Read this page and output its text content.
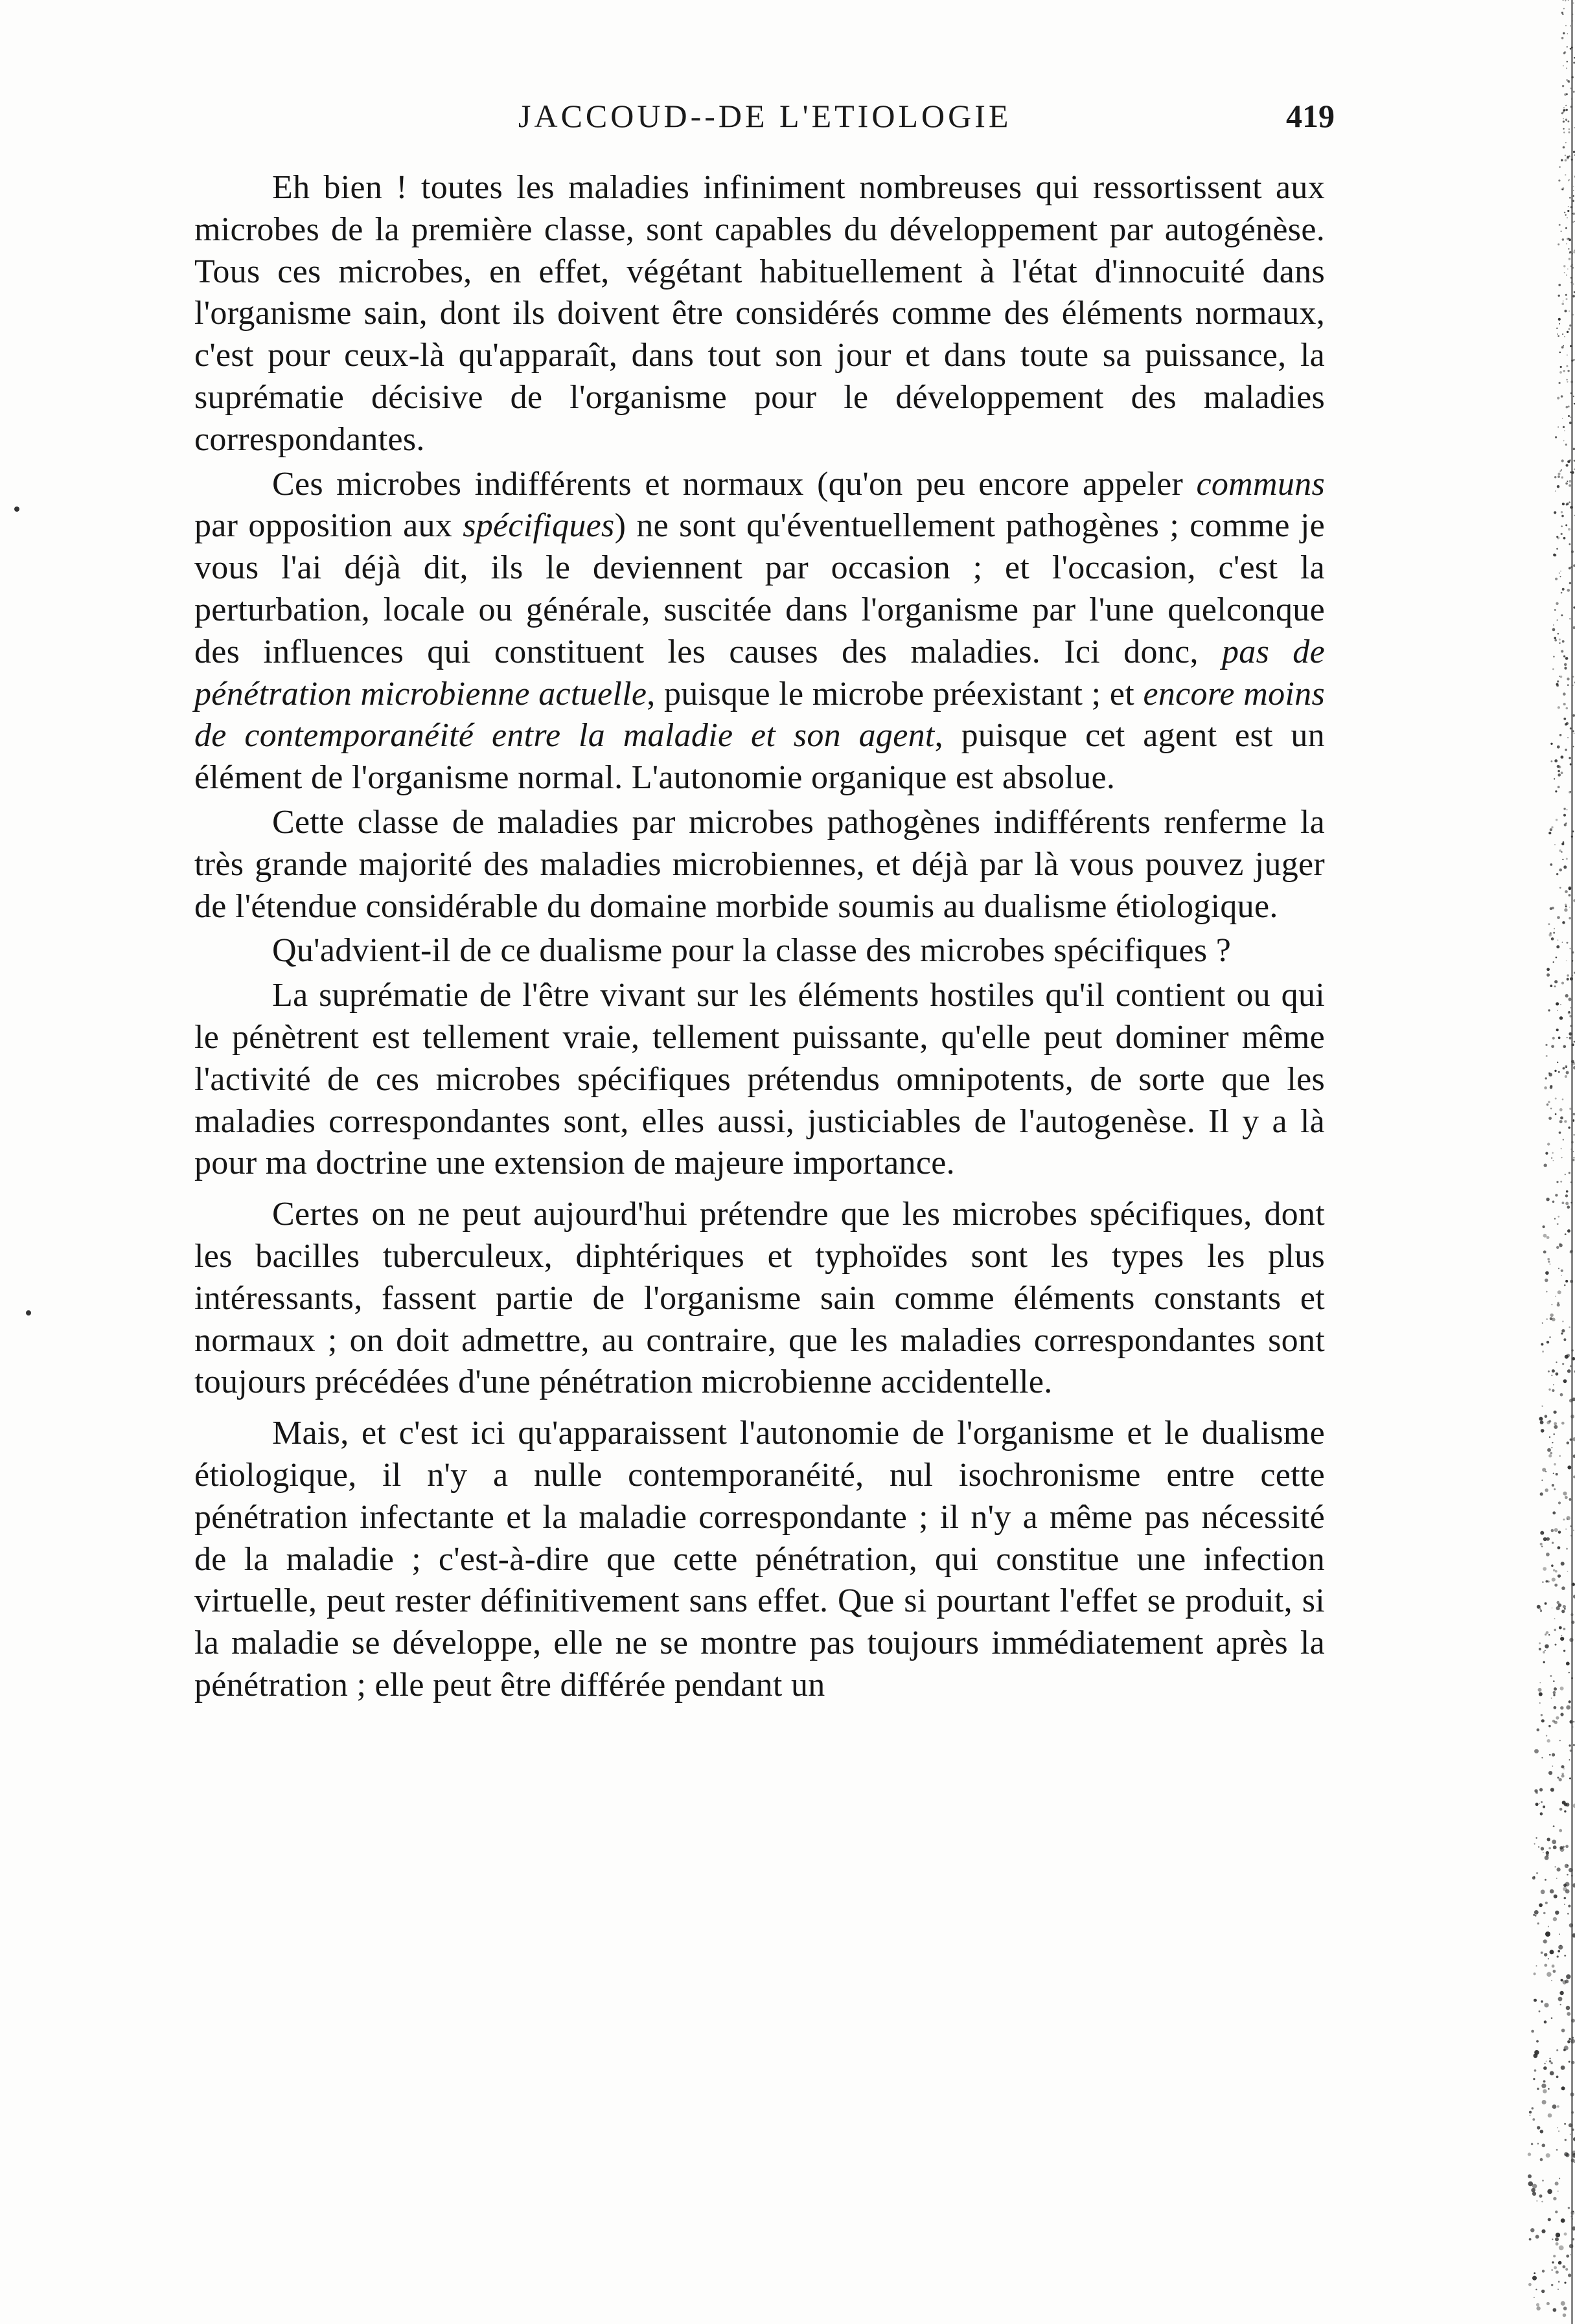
JACCOUD--DE L'ETIOLOGIE	419

Eh bien ! toutes les maladies infiniment nombreuses qui ressortissent aux microbes de la première classe, sont capables du développement par autogénèse. Tous ces microbes, en effet, végétant habituellement à l'état d'innocuité dans l'organisme sain, dont ils doivent être considérés comme des éléments normaux, c'est pour ceux-là qu'apparaît, dans tout son jour et dans toute sa puissance, la suprématie décisive de l'organisme pour le développement des maladies correspondantes.

Ces microbes indifférents et normaux (qu'on peu encore appeler communs par opposition aux spécifiques) ne sont qu'éventuellement pathogènes ; comme je vous l'ai déjà dit, ils le deviennent par occasion ; et l'occasion, c'est la perturbation, locale ou générale, suscitée dans l'organisme par l'une quelconque des influences qui constituent les causes des maladies. Ici donc, pas de pénétration microbienne actuelle, puisque le microbe préexistant ; et encore moins de contemporanéité entre la maladie et son agent, puisque cet agent est un élément de l'organisme normal. L'autonomie organique est absolue.

Cette classe de maladies par microbes pathogènes indifférents renferme la très grande majorité des maladies microbiennes, et déjà par là vous pouvez juger de l'étendue considérable du domaine morbide soumis au dualisme étiologique.

Qu'advient-il de ce dualisme pour la classe des microbes spécifiques ?

La suprématie de l'être vivant sur les éléments hostiles qu'il contient ou qui le pénètrent est tellement vraie, tellement puissante, qu'elle peut dominer même l'activité de ces microbes spécifiques prétendus omnipotents, de sorte que les maladies correspondantes sont, elles aussi, justiciables de l'autogenèse. Il y a là pour ma doctrine une extension de majeure importance.

Certes on ne peut aujourd'hui prétendre que les microbes spécifiques, dont les bacilles tuberculeux, diphtériques et typhoïdes sont les types les plus intéressants, fassent partie de l'organisme sain comme éléments constants et normaux ; on doit admettre, au contraire, que les maladies correspondantes sont toujours précédées d'une pénétration microbienne accidentelle.

Mais, et c'est ici qu'apparaissent l'autonomie de l'organisme et le dualisme étiologique, il n'y a nulle contemporanéité, nul isochronisme entre cette pénétration infectante et la maladie correspondante ; il n'y a même pas nécessité de la maladie ; c'est-à-dire que cette pénétration, qui constitue une infection virtuelle, peut rester définitivement sans effet. Que si pourtant l'effet se produit, si la maladie se développe, elle ne se montre pas toujours immédiatement après la pénétration ; elle peut être différée pendant un
